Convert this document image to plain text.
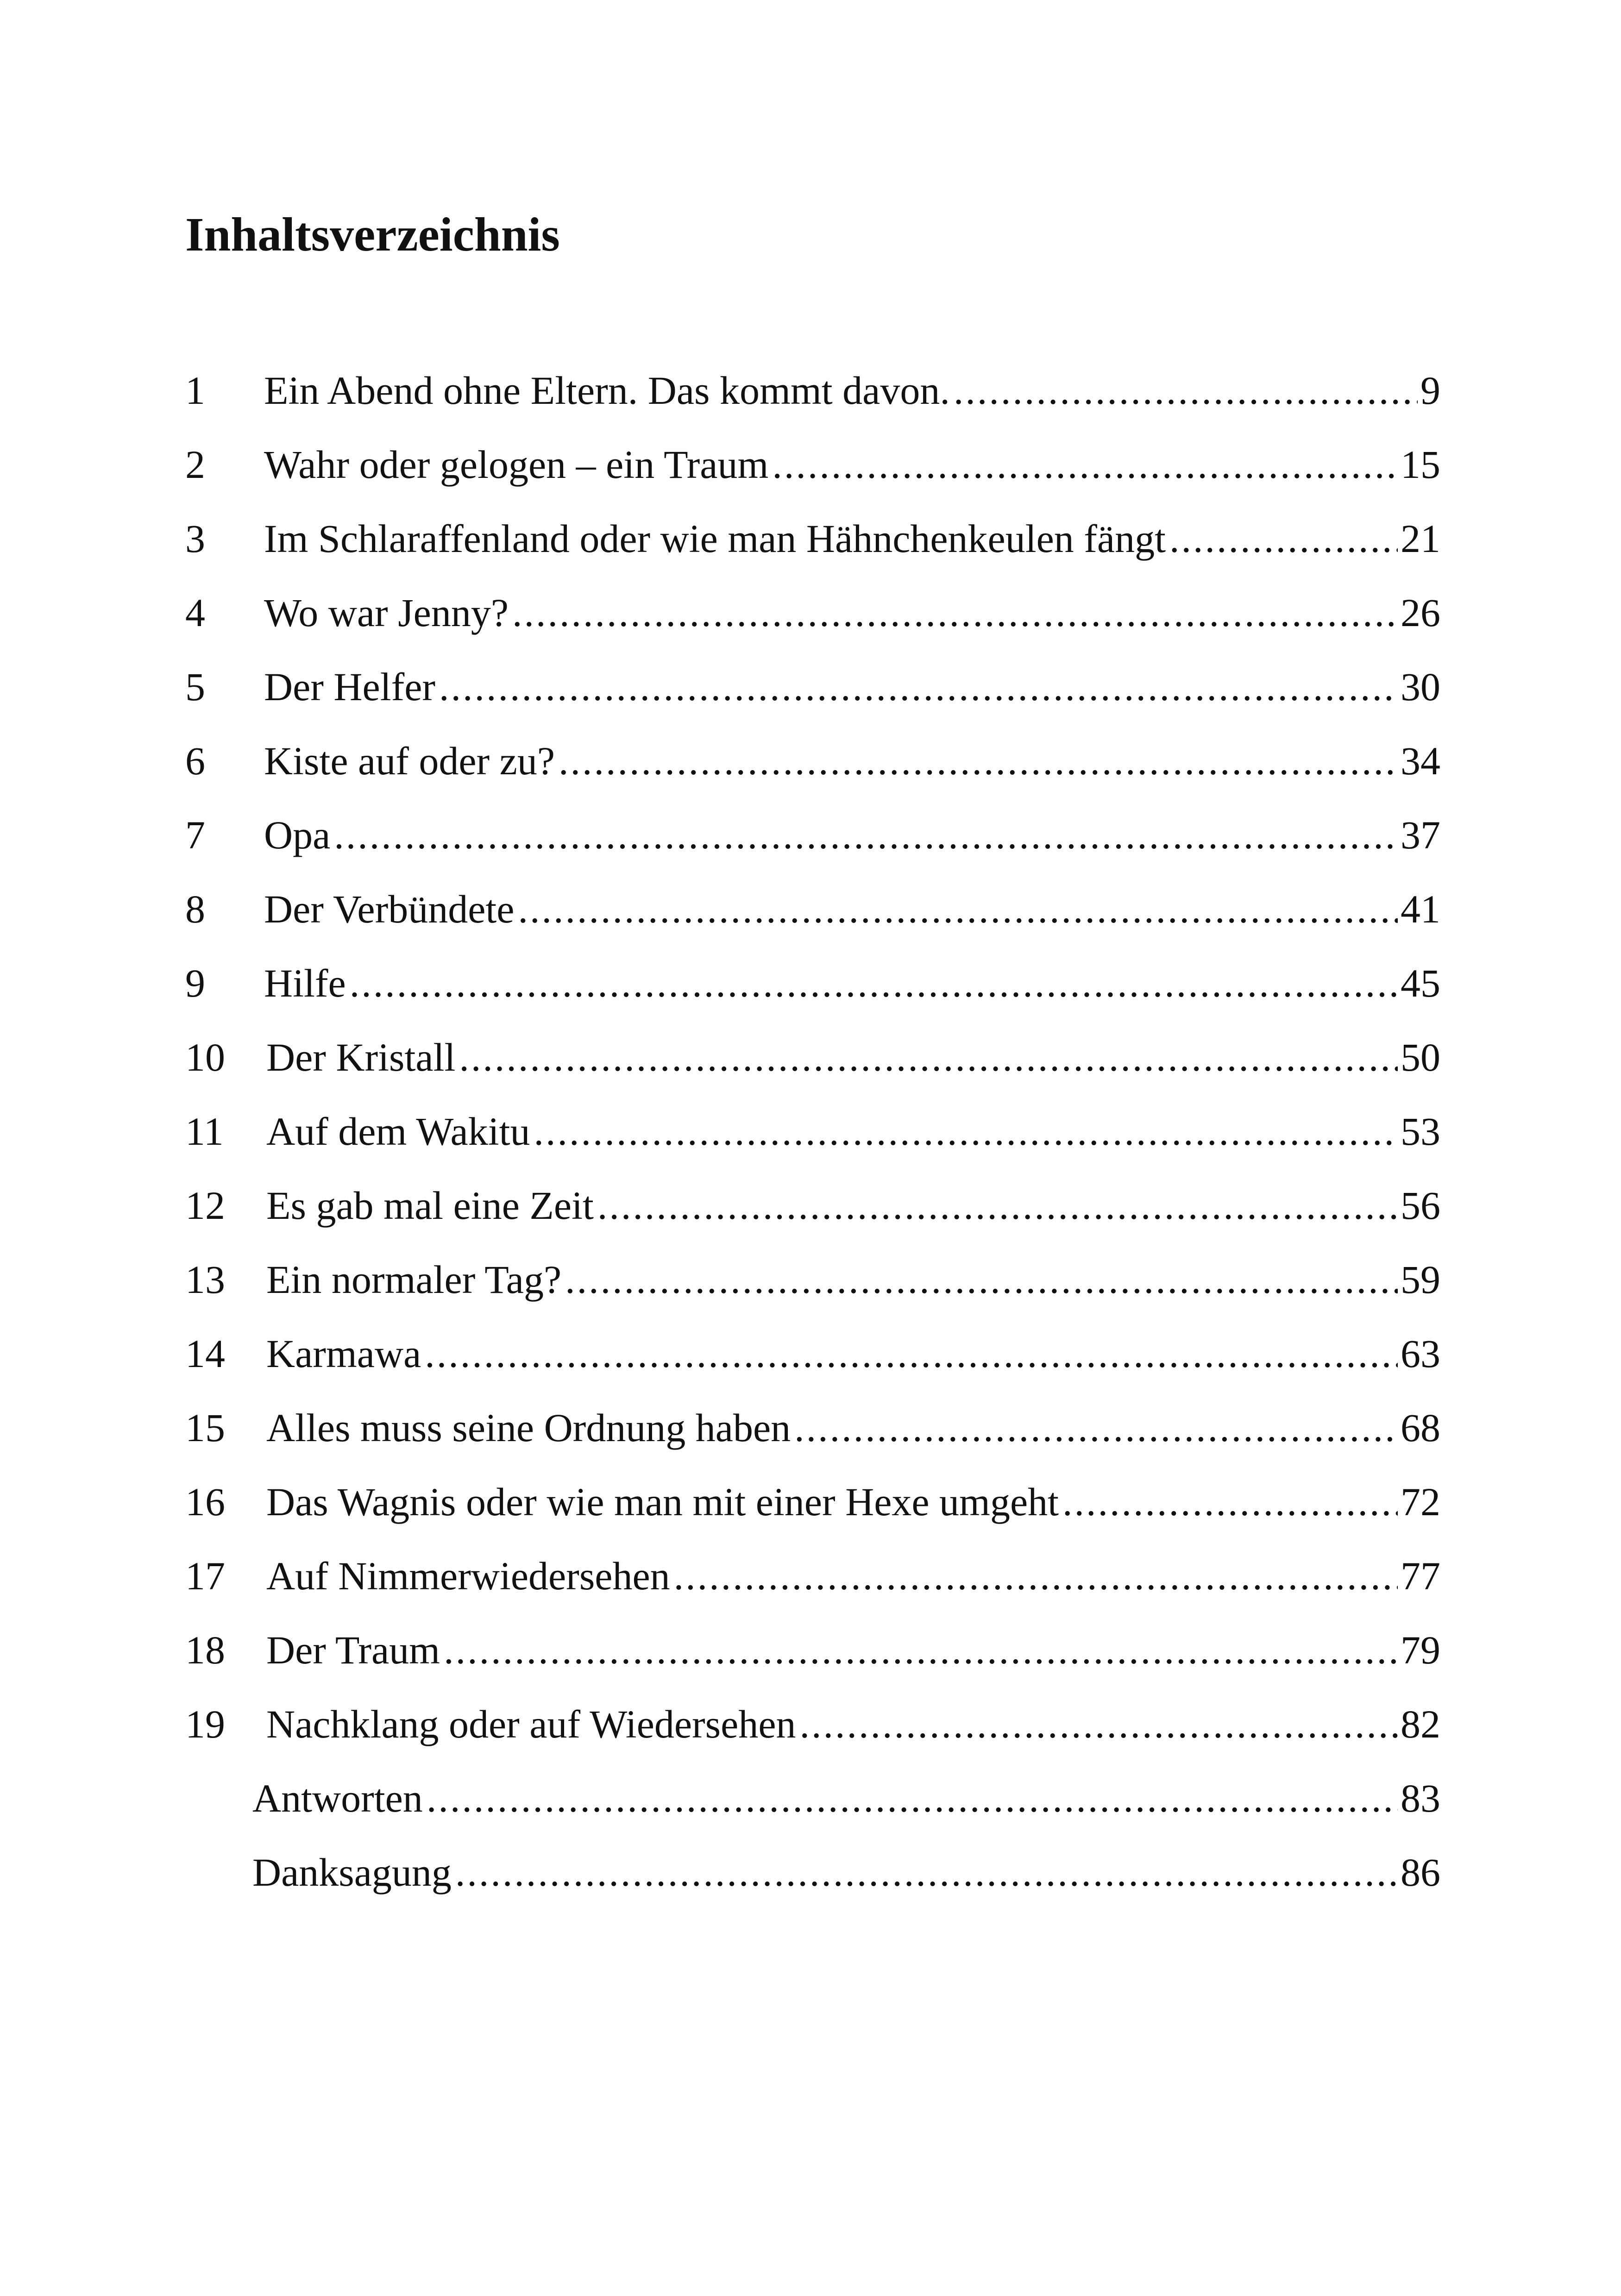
Inhaltsverzeichnis
1	Ein Abend ohne Eltern. Das kommt davon. .....	9
2	Wahr oder gelogen – ein Traum .....	15
3	Im Schlaraffenland oder wie man Hähnchenkeulen fängt .....	21
4	Wo war Jenny? .....	26
5	Der Helfer .....	30
6	Kiste auf oder zu? .....	34
7	Opa .....	37
8	Der Verbündete .....	41
9	Hilfe .....	45
10	Der Kristall .....	50
11	Auf dem Wakitu .....	53
12	Es gab mal eine Zeit .....	56
13	Ein normaler Tag? .....	59
14	Karmawa .....	63
15	Alles muss seine Ordnung haben .....	68
16	Das Wagnis oder wie man mit einer Hexe umgeht .....	72
17	Auf Nimmerwiedersehen .....	77
18	Der Traum .....	79
19	Nachklang oder auf Wiedersehen .....	82
Antworten .....	83
Danksagung .....	86
